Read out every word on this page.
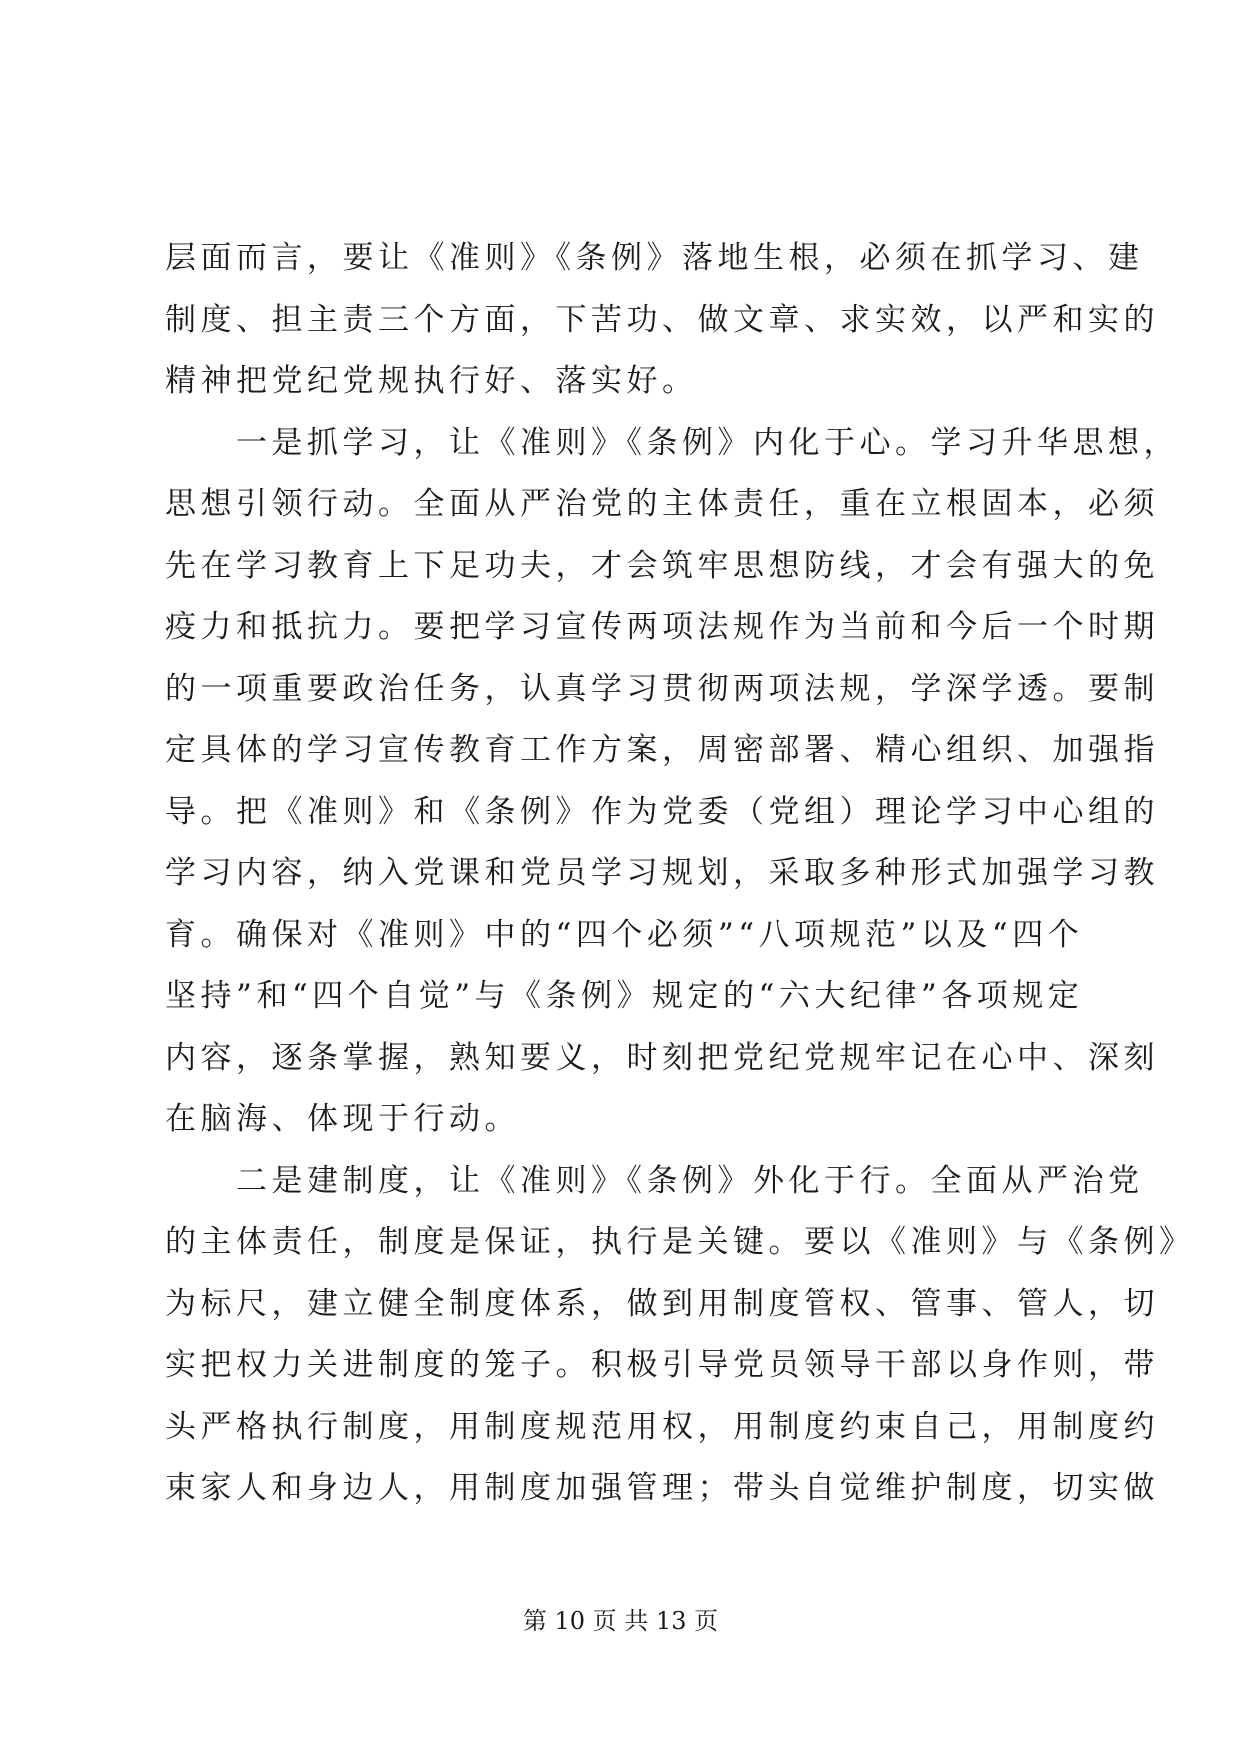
层面而言，要让《准则》《条例》落地生根，必须在抓学习、建
制度、担主责三个方面，下苦功、做文章、求实效，以严和实的
精神把党纪党规执行好、落实好。
　　一是抓学习，让《准则》《条例》内化于心。学习升华思想，
思想引领行动。全面从严治党的主体责任，重在立根固本，必须
先在学习教育上下足功夫，才会筑牢思想防线，才会有强大的免
疫力和抵抗力。要把学习宣传两项法规作为当前和今后一个时期
的一项重要政治任务，认真学习贯彻两项法规，学深学透。要制
定具体的学习宣传教育工作方案，周密部署、精心组织、加强指
导。把《准则》和《条例》作为党委（党组）理论学习中心组的
学习内容，纳入党课和党员学习规划，采取多种形式加强学习教
育。确保对《准则》中的“四个必须”“八项规范”以及“四个
坚持”和“四个自觉”与《条例》规定的“六大纪律”各项规定
内容，逐条掌握，熟知要义，时刻把党纪党规牢记在心中、深刻
在脑海、体现于行动。
　　二是建制度，让《准则》《条例》外化于行。全面从严治党
的主体责任，制度是保证，执行是关键。要以《准则》与《条例》
为标尺，建立健全制度体系，做到用制度管权、管事、管人，切
实把权力关进制度的笼子。积极引导党员领导干部以身作则，带
头严格执行制度，用制度规范用权，用制度约束自己，用制度约
束家人和身边人，用制度加强管理；带头自觉维护制度，切实做
第 10 页 共 13 页
